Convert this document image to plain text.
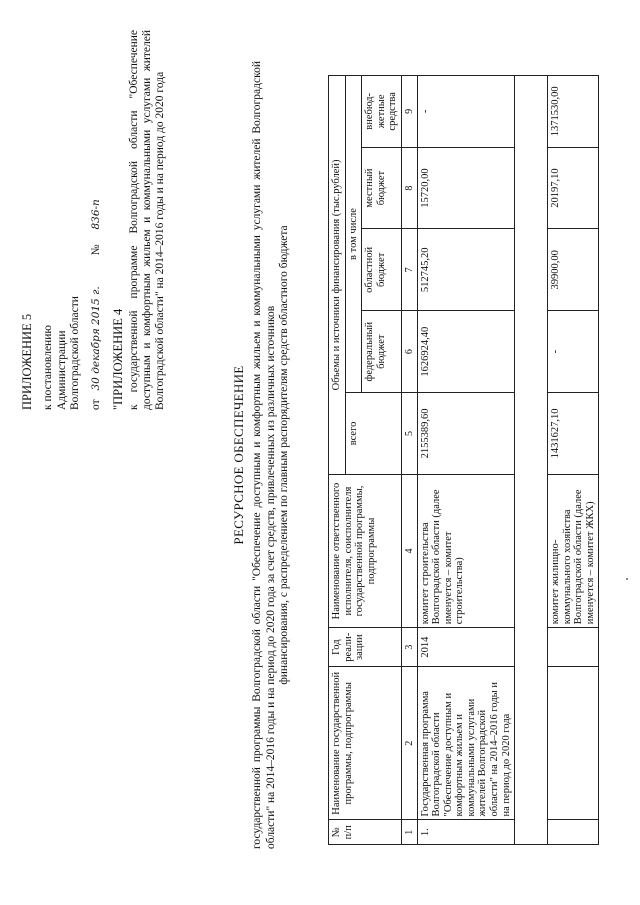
ПРИЛОЖЕНИЕ 5 к постановлению Администрации Волгоградской области от 30 декабря 2015 г. № 836-п

"ПРИЛОЖЕНИЕ 4 к государственной программе Волгоградской области "Обеспечение доступным и комфортным жильем и коммунальными услугами жителей Волгоградской области" на 2014–2016 годы и на период до 2020 года
РЕСУРСНОЕ ОБЕСПЕЧЕНИЕ государственной программы Волгоградской области "Обеспечение доступным и комфортным жильем и коммунальными услугами жителей Волгоградской области" на 2014–2016 годы и на период до 2020 года за счет средств, привлеченных из различных источников финансирования, с распределением по главным распорядителям средств областного бюджета
№ п/п	Наименование государственной программы, подпрограммы	Год реали-зации	Наименование ответственного исполнителя, соисполнителя государственной программы, подпрограммы	Объемы и источники финансирования (тыс.рублей)				
				всего	в том числе			
					федеральный бюджет	областной бюджет	местный бюджет	внебюд-жетные средства
1	2	3	4	5	6	7	8	9
1.	Государственная программа Волгоградской области "Обеспечение доступным и комфортным жильем и коммунальными услугами жителей Волгоградской области" на 2014–2016 годы и на период до 2020 года	2014	комитет строительства Волгоградской области (далее именуется – комитет строительства)	2155389,60	1626924,40	512745,20	15720,00	-

			комитет жилищно-коммунального хозяйства Волгоградской области (далее именуется – комитет ЖКХ)	1431627,10	-	39900,00	20197,10	1371530,00
